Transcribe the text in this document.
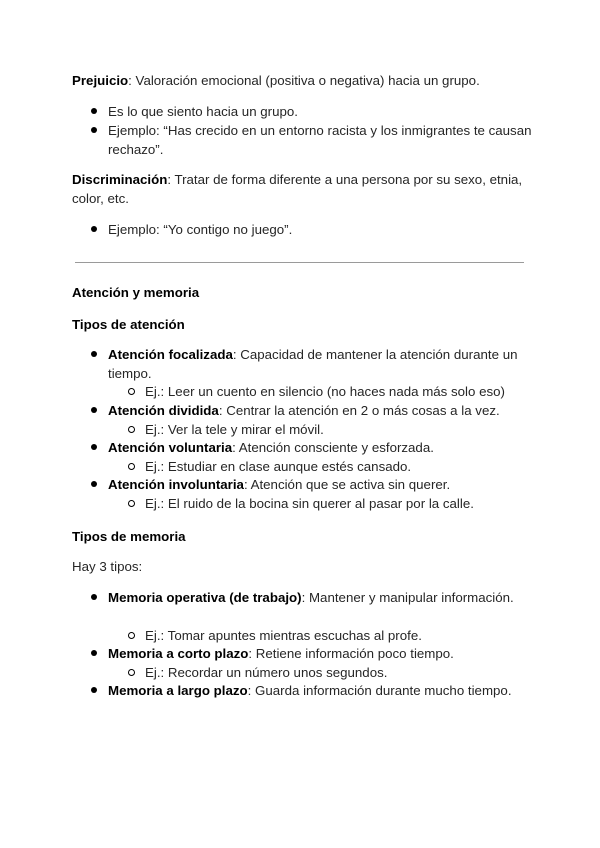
Prejuicio: Valoración emocional (positiva o negativa) hacia un grupo.

Es lo que siento hacia un grupo.

Ejemplo: “Has crecido en un entorno racista y los inmigrantes te causan rechazo”.

Discriminación: Tratar de forma diferente a una persona por su sexo, etnia, color, etc.

Ejemplo: “Yo contigo no juego”.

Atención y memoria

Tipos de atención

Atención focalizada: Capacidad de mantener la atención durante un tiempo.

Ej.: Leer un cuento en silencio (no haces nada más solo eso)

Atención dividida: Centrar la atención en 2 o más cosas a la vez.

Ej.: Ver la tele y mirar el móvil.

Atención voluntaria: Atención consciente y esforzada.

Ej.: Estudiar en clase aunque estés cansado.

Atención involuntaria: Atención que se activa sin querer.

Ej.: El ruido de la bocina sin querer al pasar por la calle.

Tipos de memoria

Hay 3 tipos:

Memoria operativa (de trabajo): Mantener y manipular información.

Ej.: Tomar apuntes mientras escuchas al profe.

Memoria a corto plazo: Retiene información poco tiempo.

Ej.: Recordar un número unos segundos.

Memoria a largo plazo: Guarda información durante mucho tiempo.
